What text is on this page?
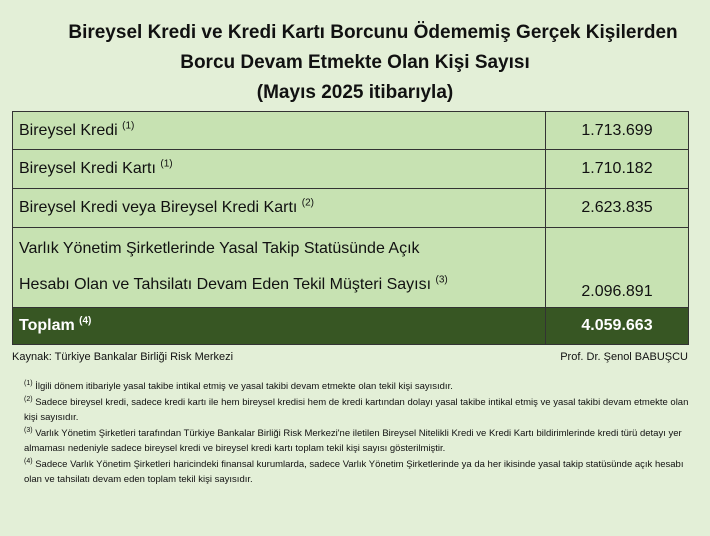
Bireysel Kredi ve Kredi Kartı Borcunu Ödememiş Gerçek Kişilerden
Borcu Devam Etmekte Olan Kişi Sayısı
(Mayıs 2025 itibarıyla)
Bireysel Kredi $^{(1)}$	1.713.699
Bireysel Kredi Kartı $^{(1)}$	1.710.182
Bireysel Kredi veya Bireysel Kredi Kartı $^{(2)}$	2.623.835

Varlık Yönetim Şirketlerinde Yasal Takip Statüsünde Açık
Hesabı Olan ve Tahsilatı Devam Eden Tekil Müşteri Sayısı $^{(3)}$	2.096.891
Toplam $^{(4)}$	4.059.663
Kaynak: Türkiye Bankalar Birliği Risk Merkezi	Prof. Dr. Şenol BABUŞCU

$^{(1)}$ İlgili dönem itibariyle yasal takibe intikal etmiş ve yasal takibi devam etmekte olan tekil kişi sayısıdır.

$^{(2)}$ Sadece bireysel kredi, sadece kredi kartı ile hem bireysel kredisi hem de kredi kartından dolayı yasal takibe intikal etmiş ve yasal takibi devam etmekte olan kişi sayısıdır.

$^{(3)}$ Varlık Yönetim Şirketleri tarafından Türkiye Bankalar Birliği Risk Merkezi'ne iletilen Bireysel Nitelikli Kredi ve Kredi Kartı bildirimlerinde kredi türü detayı yer almaması nedeniyle sadece bireysel kredi ve bireysel kredi kartı toplam tekil kişi sayısı gösterilmiştir.

$^{(4)}$ Sadece Varlık Yönetim Şirketleri haricindeki finansal kurumlarda, sadece Varlık Yönetim Şirketlerinde ya da her ikisinde yasal takip statüsünde açık hesabı olan ve tahsilatı devam eden toplam tekil kişi sayısıdır.
